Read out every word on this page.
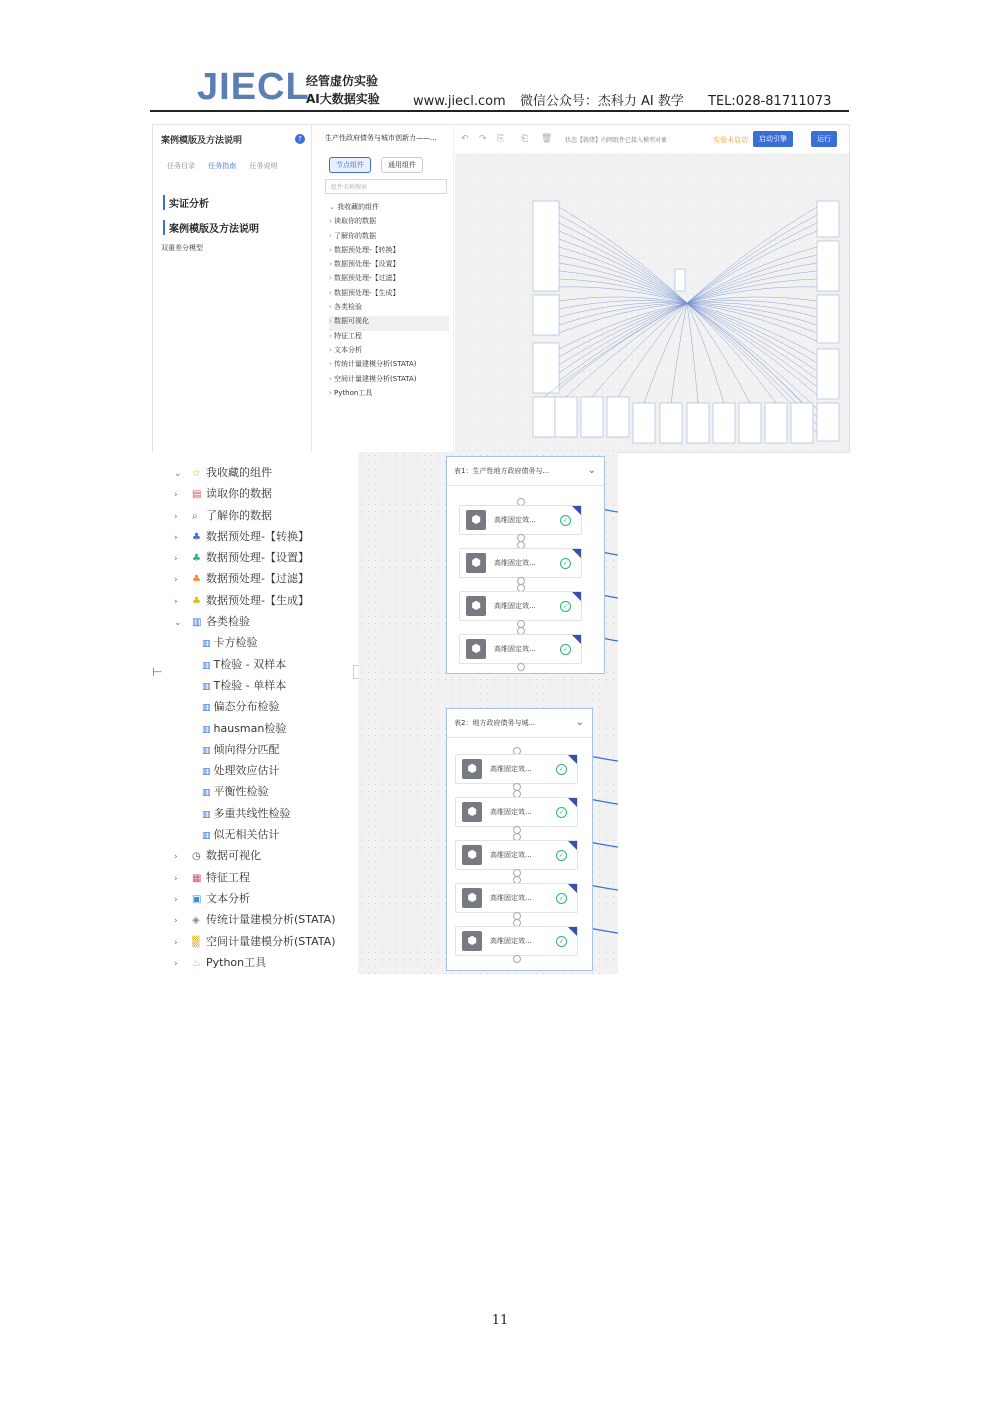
JIECL
经管虚仿实验
AI大数据实验	www.jiecl.com 微信公众号：杰科力 AI 教学 TEL:028-81711073
案例模版及方法说明	?
任务目录 任务指南 任务说明
实证分析
案例模版及方法说明
双重差分模型
生产性政府债务与城市创新力——...
节点组件	通用组件
组件名称搜索
⌄ 我收藏的组件
› 读取你的数据
› 了解你的数据
› 数据预处理-【转换】
› 数据预处理-【设置】
› 数据预处理-【过滤】
› 数据预处理-【生成】
› 各类检验
› 数据可视化
› 特征工程
› 文本分析
› 传统计量建模分析(STATA)
› 空间计量建模分析(STATA)
› Python工具
↶ ↷ ⎘ ⎗ 🗑 状态【就绪】内网组件已接入模型对象	实验未启动	启动引擎	运行
⌄ ☆ 我收藏的组件
› ▤ 读取你的数据
› ⌕ 了解你的数据
› ♣ 数据预处理-【转换】
› ♣ 数据预处理-【设置】
› ♣ 数据预处理-【过滤】
› ♣ 数据预处理-【生成】
⌄ ▥ 各类检验
▥ 卡方检验
▥ T检验 - 双样本
▥ T检验 - 单样本
▥ 偏态分布检验
▥ hausman检验
▥ 倾向得分匹配
▥ 处理效应估计
▥ 平衡性检验
▥ 多重共线性检验
▥ 似无相关估计
› ◷ 数据可视化
› ▦ 特征工程
› ▣ 文本分析
› ◈ 传统计量建模分析(STATA)
› ▒ 空间计量建模分析(STATA)
› ♨ Python工具
⊢
表1：生产性地方政府债务与...	⌄
⬢	高维固定效...	✓
⬢	高维固定效...	✓
⬢	高维固定效...	✓
⬢	高维固定效...	✓
表2：地方政府债务与城...	⌄
⬢	高维固定效...	✓
⬢	高维固定效...	✓
⬢	高维固定效...	✓
⬢	高维固定效...	✓
⬢	高维固定效...	✓
11
